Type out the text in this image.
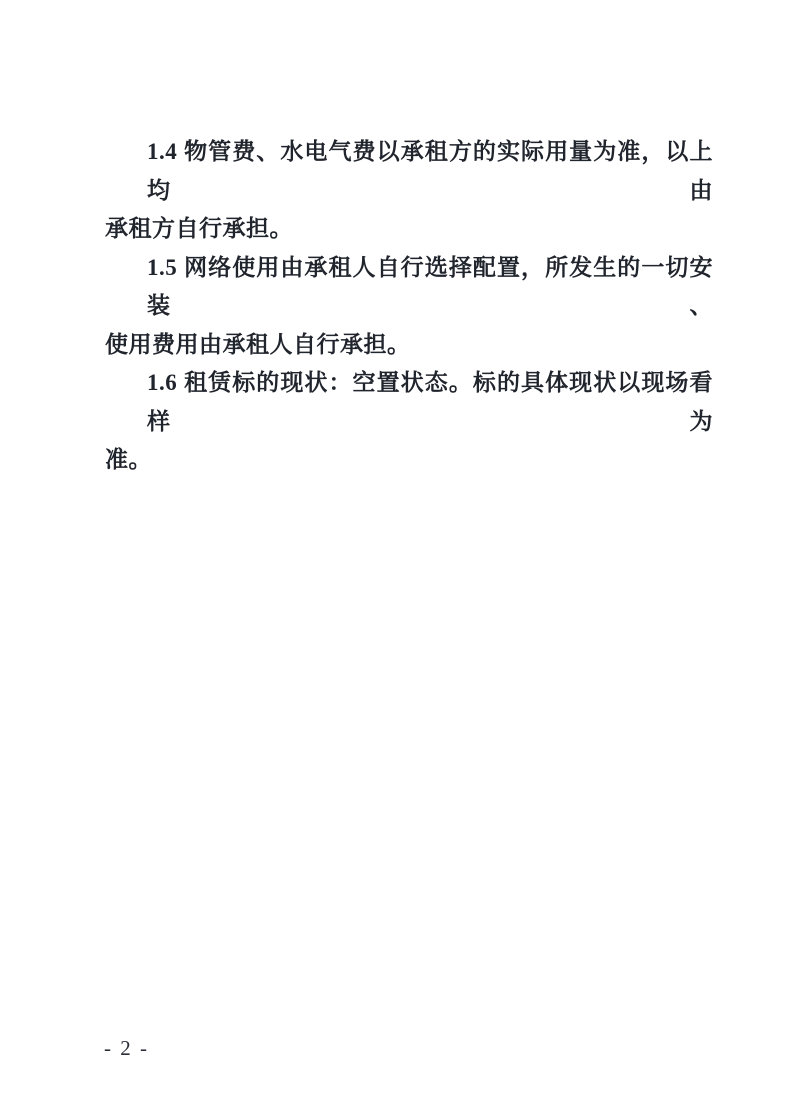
1.4 物管费、水电气费以承租方的实际用量为准，以上均由
承租方自行承担。
1.5 网络使用由承租人自行选择配置，所发生的一切安装、
使用费用由承租人自行承担。
1.6 租赁标的现状：空置状态。标的具体现状以现场看样为
准。
- 2 -
